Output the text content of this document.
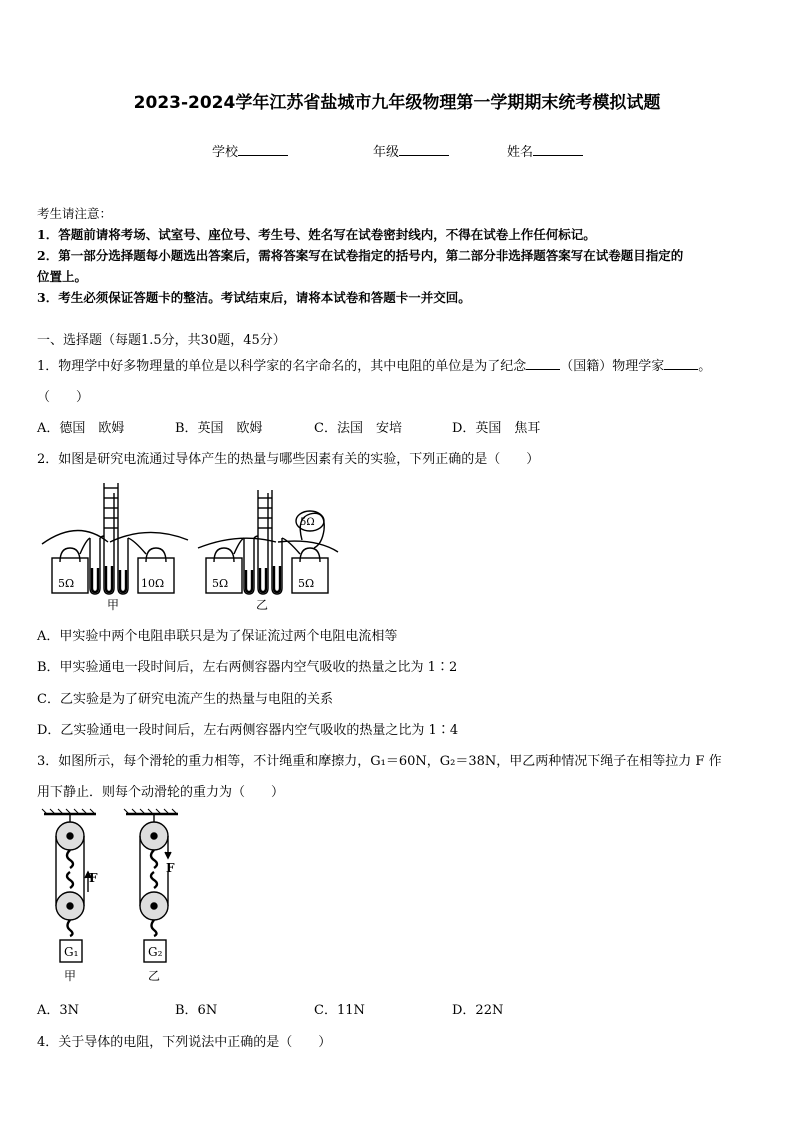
2023-2024学年江苏省盐城市九年级物理第一学期期末统考模拟试题
学校	年级	姓名
考生请注意：
1．答题前请将考场、试室号、座位号、考生号、姓名写在试卷密封线内，不得在试卷上作任何标记。
2．第一部分选择题每小题选出答案后，需将答案写在试卷指定的括号内，第二部分非选择题答案写在试卷题目指定的
位置上。
3．考生必须保证答题卡的整洁。考试结束后，请将本试卷和答题卡一并交回。
一、选择题（每题1.5分，共30题，45分）
1．物理学中好多物理量的单位是以科学家的名字命名的，其中电阻的单位是为了纪念	（国籍）物理学家	。
（　　）
A．德国　欧姆	B．英国　欧姆	C．法国　安培	D．英国　焦耳
2．如图是研究电流通过导体产生的热量与哪些因素有关的实验，下列正确的是（　　）
5Ω	10Ω
甲
5Ω	5Ω
5Ω
乙
A．甲实验中两个电阻串联只是为了保证流过两个电阻电流相等
B．甲实验通电一段时间后，左右两侧容器内空气吸收的热量之比为 1∶2
C．乙实验是为了研究电流产生的热量与电阻的关系
D．乙实验通电一段时间后，左右两侧容器内空气吸收的热量之比为 1∶4
3．如图所示，每个滑轮的重力相等，不计绳重和摩擦力，G₁＝60N，G₂＝38N，甲乙两种情况下绳子在相等拉力 F 作
用下静止．则每个动滑轮的重力为（　　）
F
G₁
甲
F
G₂
乙
A．3N	B．6N	C．11N	D．22N
4．关于导体的电阻，下列说法中正确的是（　　）
